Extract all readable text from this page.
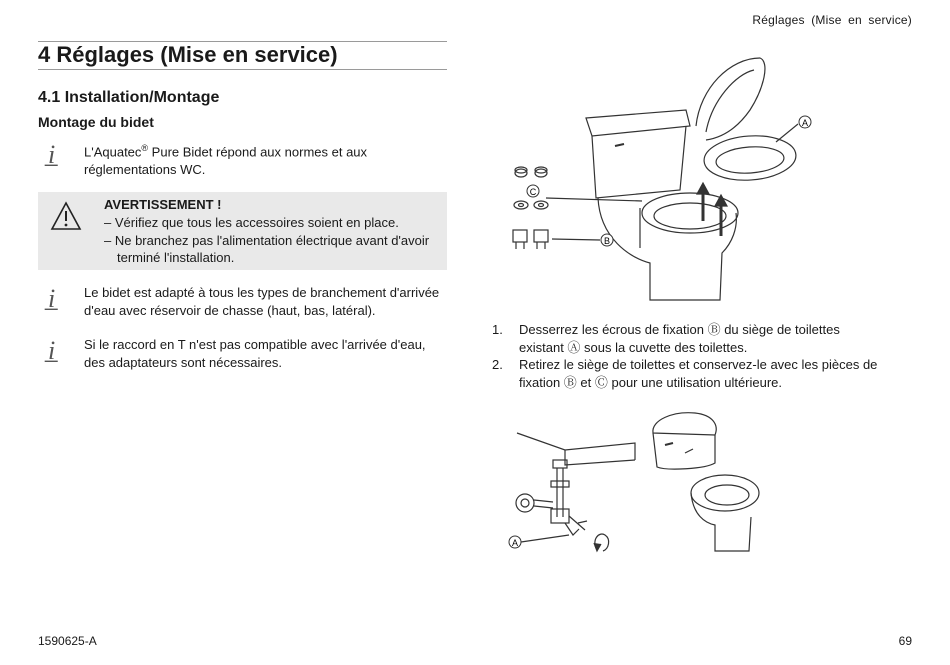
Réglages (Mise en service)
4 Réglages (Mise en service)
4.1 Installation/Montage
Montage du bidet
i̲ L'Aquatec® Pure Bidet répond aux normes et aux
réglementations WC.
AVERTISSEMENT !
– Vérifiez que tous les accessoires soient en place.
– Ne branchez pas l'alimentation électrique avant d'avoir
terminé l'installation.
i̲ Le bidet est adapté à tous les types de branchement d'arrivée
d'eau avec réservoir de chasse (haut, bas, latéral).
i̲ Si le raccord en T n'est pas compatible avec l'arrivée d'eau,
des adaptateurs sont nécessaires.
C
B
A
1.	Desserrez les écrous de fixation Ⓑ du siège de toilettes
existant Ⓐ sous la cuvette des toilettes.
2.	Retirez le siège de toilettes et conservez-le avec les pièces de
fixation Ⓑ et Ⓒ pour une utilisation ultérieure.
A
1590625-A	69
